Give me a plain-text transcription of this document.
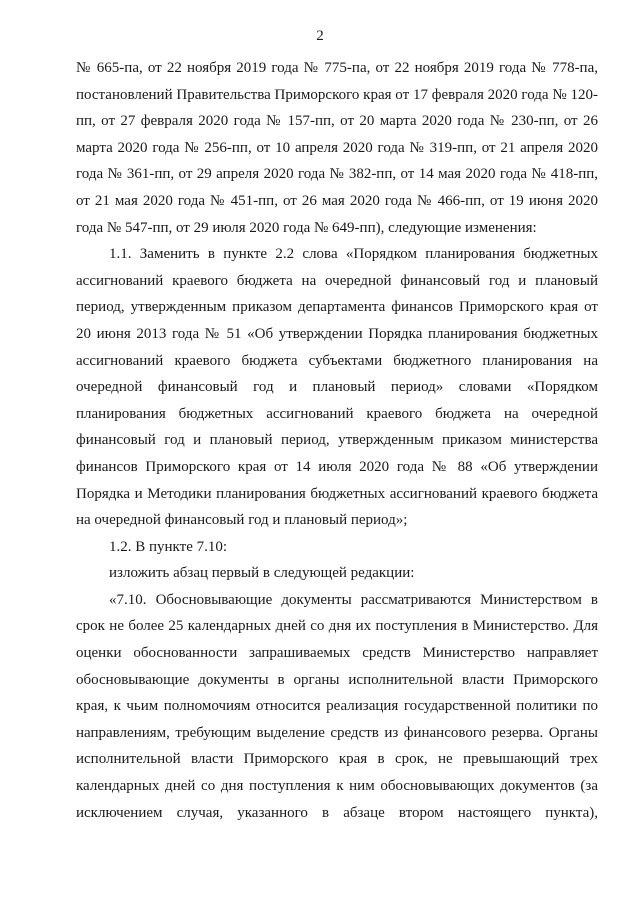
2

№ 665-па, от 22 ноября 2019 года № 775-па, от 22 ноября 2019 года № 778-па, постановлений Правительства Приморского края от 17 февраля 2020 года № 120-пп, от 27 февраля 2020 года № 157-пп, от 20 марта 2020 года № 230-пп, от 26 марта 2020 года № 256-пп, от 10 апреля 2020 года № 319-пп, от 21 апреля 2020 года № 361-пп, от 29 апреля 2020 года № 382-пп, от 14 мая 2020 года № 418-пп, от 21 мая 2020 года № 451-пп, от 26 мая 2020 года № 466-пп, от 19 июня 2020 года № 547-пп, от 29 июля 2020 года № 649-пп), следующие изменения:

1.1. Заменить в пункте 2.2 слова «Порядком планирования бюджетных ассигнований краевого бюджета на очередной финансовый год и плановый период, утвержденным приказом департамента финансов Приморского края от 20 июня 2013 года № 51 «Об утверждении Порядка планирования бюджетных ассигнований краевого бюджета субъектами бюджетного планирования на очередной финансовый год и плановый период» словами «Порядком планирования бюджетных ассигнований краевого бюджета на очередной финансовый год и плановый период, утвержденным приказом министерства финансов Приморского края от 14 июля 2020 года № 88 «Об утверждении Порядка и Методики планирования бюджетных ассигнований краевого бюджета на очередной финансовый год и плановый период»;

1.2. В пункте 7.10:

изложить абзац первый в следующей редакции:

«7.10. Обосновывающие документы рассматриваются Министерством в срок не более 25 календарных дней со дня их поступления в Министерство. Для оценки обоснованности запрашиваемых средств Министерство направляет обосновывающие документы в органы исполнительной власти Приморского края, к чьим полномочиям относится реализация государственной политики по направлениям, требующим выделение средств из финансового резерва. Органы исполнительной власти Приморского края в срок, не превышающий трех календарных дней со дня поступления к ним обосновывающих документов (за исключением случая, указанного в абзаце втором настоящего пункта),
